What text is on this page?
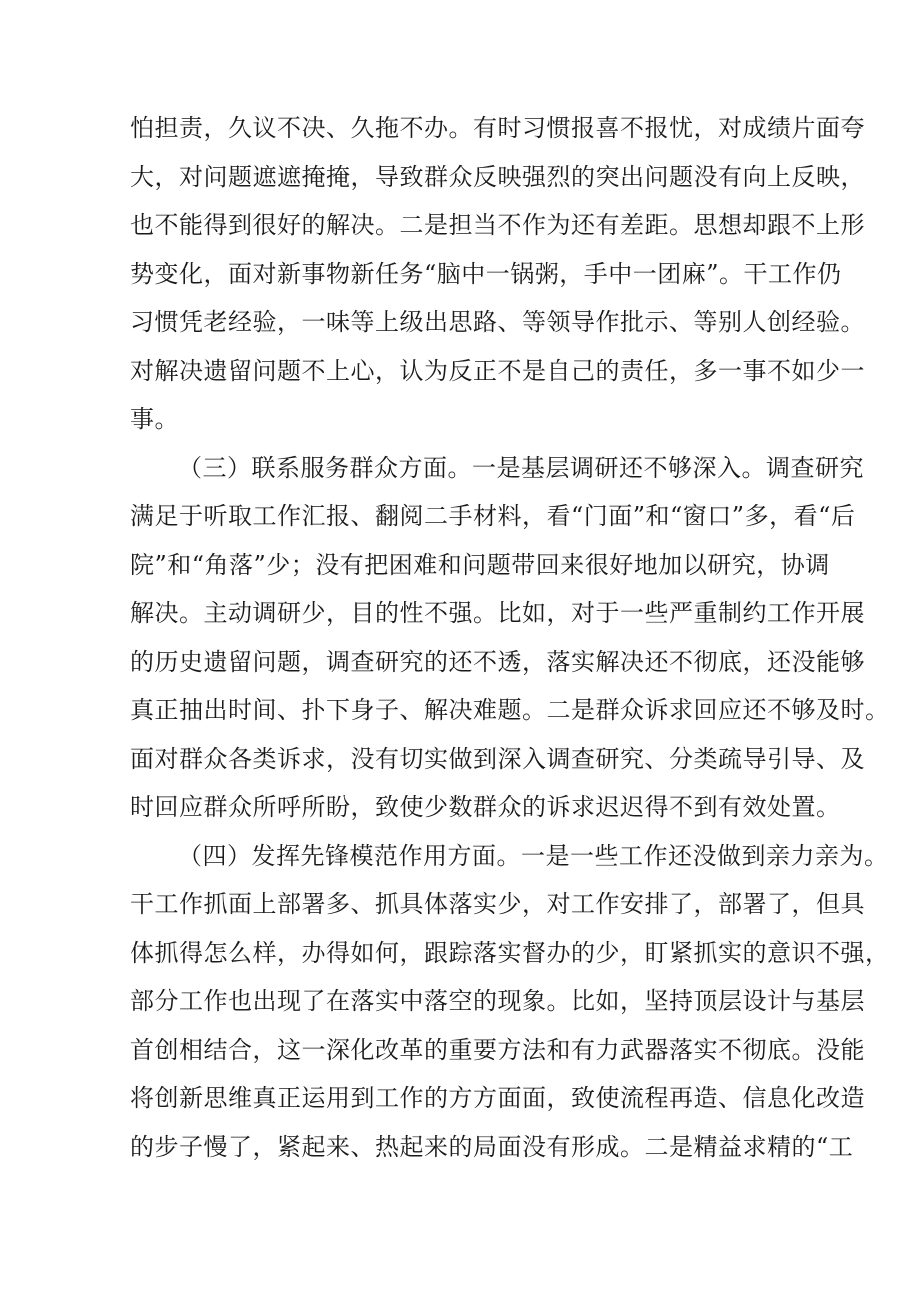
怕担责，久议不决、久拖不办。有时习惯报喜不报忧，对成绩片面夸
大，对问题遮遮掩掩，导致群众反映强烈的突出问题没有向上反映，
也不能得到很好的解决。二是担当不作为还有差距。思想却跟不上形
势变化，面对新事物新任务“脑中一锅粥，手中一团麻”。干工作仍
习惯凭老经验，一味等上级出思路、等领导作批示、等别人创经验。
对解决遗留问题不上心，认为反正不是自己的责任，多一事不如少一
事。
（三）联系服务群众方面。一是基层调研还不够深入。调查研究
满足于听取工作汇报、翻阅二手材料，看“门面”和“窗口”多，看“后
院”和“角落”少；没有把困难和问题带回来很好地加以研究，协调
解决。主动调研少，目的性不强。比如，对于一些严重制约工作开展
的历史遗留问题，调查研究的还不透，落实解决还不彻底，还没能够
真正抽出时间、扑下身子、解决难题。二是群众诉求回应还不够及时。
面对群众各类诉求，没有切实做到深入调查研究、分类疏导引导、及
时回应群众所呼所盼，致使少数群众的诉求迟迟得不到有效处置。
（四）发挥先锋模范作用方面。一是一些工作还没做到亲力亲为。
干工作抓面上部署多、抓具体落实少，对工作安排了，部署了，但具
体抓得怎么样，办得如何，跟踪落实督办的少，盯紧抓实的意识不强，
部分工作也出现了在落实中落空的现象。比如，坚持顶层设计与基层
首创相结合，这一深化改革的重要方法和有力武器落实不彻底。没能
将创新思维真正运用到工作的方方面面，致使流程再造、信息化改造
的步子慢了，紧起来、热起来的局面没有形成。二是精益求精的“工
